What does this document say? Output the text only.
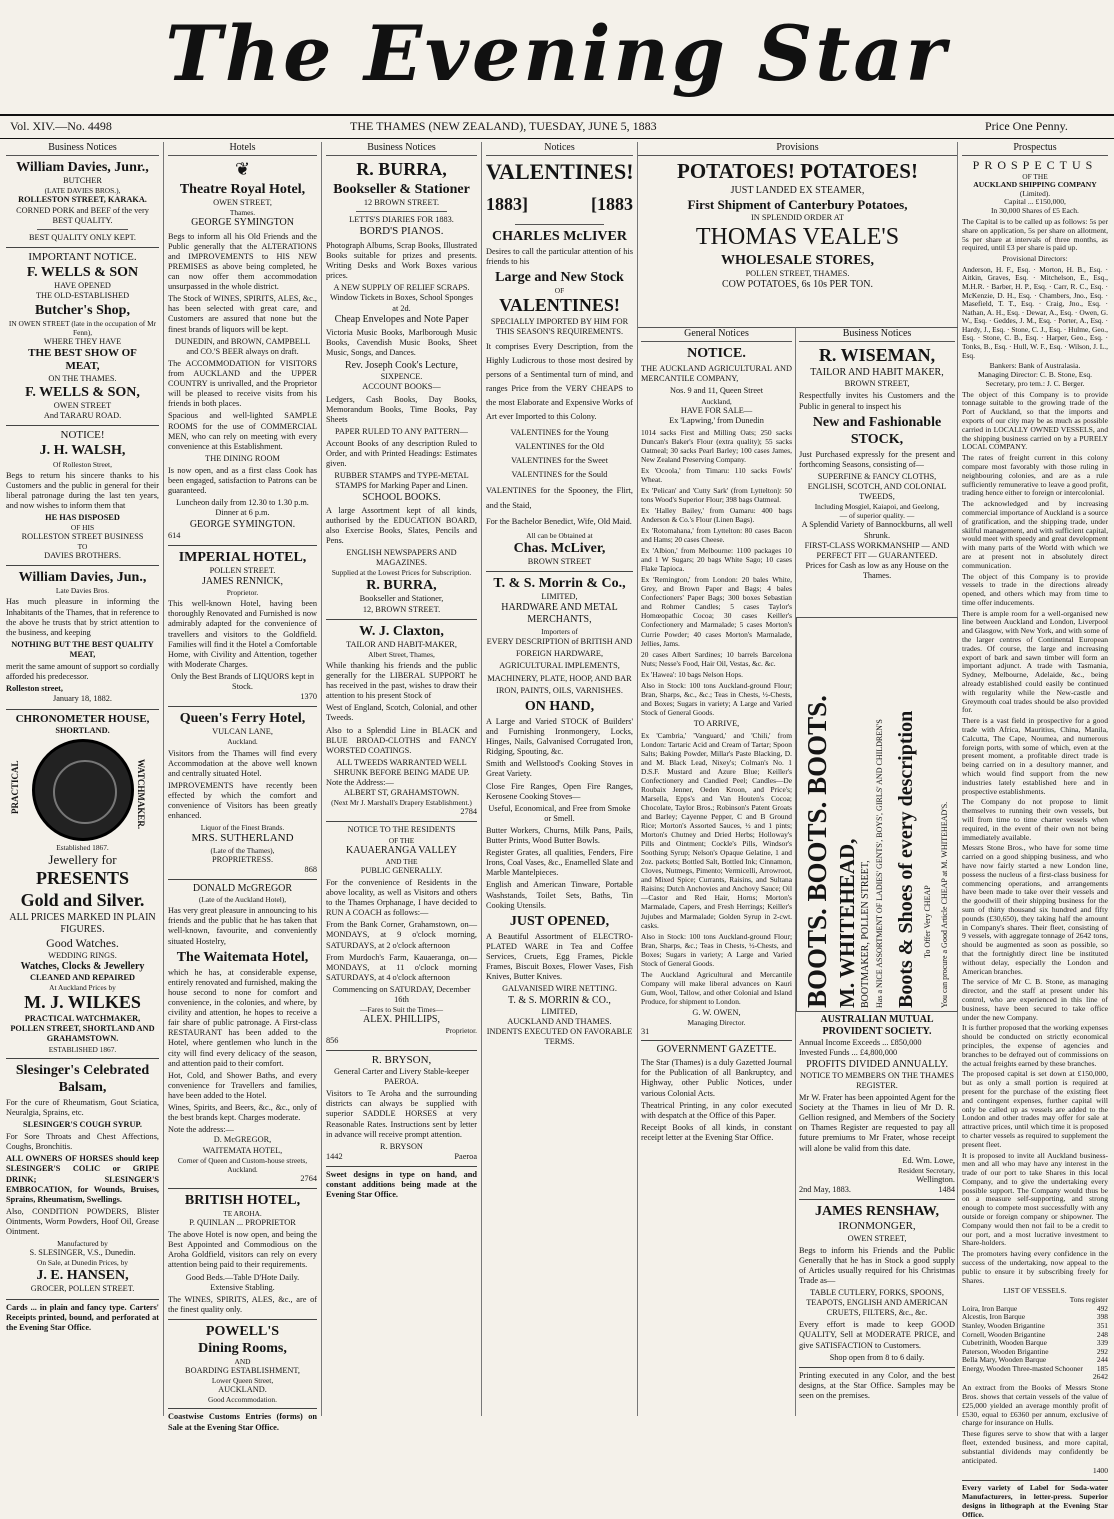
The Evening Star
Vol. XIV.—No. 4498	THE THAMES (NEW ZEALAND), TUESDAY, JUNE 5, 1883	Price One Penny.
Business Notices
William Davies, Junr.,
BUTCHER
(LATE DAVIES BROS.),
ROLLESTON STREET, KARAKA.
CORNED PORK and BEEF of the very BEST QUALITY.
BEST QUALITY ONLY KEPT.
IMPORTANT NOTICE.
F. WELLS & SON
HAVE OPENED
THE OLD-ESTABLISHED
Butcher's Shop,
IN OWEN STREET (late in the occupation of Mr Fenn),
WHERE THEY HAVE
THE BEST SHOW OF
MEAT,
ON THE THAMES.
F. WELLS & SON,
OWEN STREET
And TARARU ROAD.
NOTICE!
J. H. WALSH,
Of Rolleston Street,

Begs to return his sincere thanks to his Customers and the public in general for their liberal patronage during the last ten years, and now wishes to inform them that

HE HAS DISPOSED
OF HIS
ROLLESTON STREET BUSINESS
TO
DAVIES BROTHERS.
William Davies, Jun.,
Late Davies Bros.

Has much pleasure in informing the Inhabitants of the Thames, that in reference to the above he trusts that by strict attention to the business, and keeping

NOTHING BUT THE BEST QUALITY MEAT,

merit the same amount of support so cordially afforded his predecessor.

Rolleston street,
January 18, 1882.
CHRONOMETER HOUSE,
SHORTLAND.
PRACTICAL	WATCHMAKER.
Established 1867.
Jewellery for
PRESENTS
Gold and Silver.
ALL PRICES MARKED IN PLAIN FIGURES.
Good Watches.
WEDDING RINGS.
Watches, Clocks & Jewellery
CLEANED AND REPAIRED
At Auckland Prices by
M. J. WILKES
PRACTICAL WATCHMAKER,
POLLEN STREET, SHORTLAND AND GRAHAMSTOWN.
ESTABLISHED 1867.
Slesinger's Celebrated Balsam,

For the cure of Rheumatism, Gout Sciatica, Neuralgia, Sprains, etc.

SLESINGER'S COUGH SYRUP.

For Sore Throats and Chest Affections, Coughs, Bronchitis.

ALL OWNERS OF HORSES should keep SLESINGER'S COLIC or GRIPE DRINK; SLESINGER'S EMBROCATION, for Wounds, Bruises, Sprains, Rheumatism, Swellings.

Also, CONDITION POWDERS, Blister Ointments, Worm Powders, Hoof Oil, Grease Ointment.

Manufactured by
S. SLESINGER, V.S., Dunedin.
On Sale, at Dunedin Prices, by
J. E. HANSEN,
GROCER, POLLEN STREET.

Cards ... in plain and fancy type. Carters' Receipts printed, bound, and perforated at the Evening Star Office.

Hotels
❦
Theatre Royal Hotel,
OWEN STREET,
Thames.
GEORGE SYMINGTON

Begs to inform all his Old Friends and the Public generally that the ALTERATIONS and IMPROVEMENTS to HIS NEW PREMISES as above being completed, he can now offer them accommodation unsurpassed in the whole district.

The Stock of WINES, SPIRITS, ALES, &c., has been selected with great care, and Customers are assured that none but the finest brands of liquors will be kept.

DUNEDIN, and BROWN, CAMPBELL and CO.'S BEER always on draft.

The ACCOMMODATION for VISITORS from AUCKLAND and the UPPER COUNTRY is unrivalled, and the Proprietor will be pleased to receive visits from his friends in both places.

Spacious and well-lighted SAMPLE ROOMS for the use of COMMERCIAL MEN, who can rely on meeting with every convenience at this Establishment.

THE DINING ROOM

Is now open, and as a first class Cook has been engaged, satisfaction to Patrons can be guaranteed.

Luncheon daily from 12.30 to 1.30 p.m. Dinner at 6 p.m.
GEORGE SYMINGTON.
614
IMPERIAL HOTEL,
POLLEN STREET.
JAMES RENNICK,
Proprietor.

This well-known Hotel, having been thoroughly Renovated and Furnished is now admirably adapted for the convenience of travellers and visitors to the Goldfield. Families will find it the Hotel a Comfortable Home, with Civility and Attention, together with Moderate Charges.

Only the Best Brands of LIQUORS kept in Stock.
1370
Queen's Ferry Hotel,
VULCAN LANE,
Auckland.

Visitors from the Thames will find every Accommodation at the above well known and centrally situated Hotel.

IMPROVEMENTS have recently been effected by which the comfort and convenience of Visitors has been greatly enhanced.

Liquor of the Finest Brands.
MRS. SUTHERLAND
(Late of the Thames),
PROPRIETRESS.
868
DONALD McGREGOR
(Late of the Auckland Hotel),

Has very great pleasure in announcing to his friends and the public that he has taken that well-known, favourite, and conveniently situated Hostelry,

The Waitemata Hotel,

which he has, at considerable expense, entirely renovated and furnished, making the house second to none for comfort and convenience, in the colonies, and where, by civility and attention, he hopes to receive a fair share of public patronage. A First-class RESTAURANT has been added to the Hotel, where gentlemen who lunch in the city will find every delicacy of the season, and attention paid to their comfort.

Hot, Cold, and Shower Baths, and every convenience for Travellers and families, have been added to the Hotel.

Wines, Spirits, and Beers, &c., &c., only of the best brands kept. Charges moderate.

Note the address:—
D. McGREGOR,
WAITEMATA HOTEL,
Corner of Queen and Custom-house streets, Auckland.
2764
BRITISH HOTEL,
TE AROHA.
P. QUINLAN ... PROPRIETOR

The above Hotel is now open, and being the Best Appointed and Commodious on the Aroha Goldfield, visitors can rely on every attention being paid to their requirements.

Good Beds.—Table D'Hote Daily.
Extensive Stabling.

The WINES, SPIRITS, ALES, &c., are of the finest quality only.

POWELL'S
Dining Rooms,
AND
BOARDING ESTABLISHMENT,
Lower Queen Street,
AUCKLAND.
Good Accommodation.

Coastwise Customs Entries (forms) on Sale at the Evening Star Office.

Business Notices
R. BURRA,
Bookseller & Stationer
12 BROWN STREET.
LETTS'S DIARIES FOR 1883.
BORD'S PIANOS.

Photograph Albums, Scrap Books, Illustrated Books suitable for prizes and presents. Writing Desks and Work Boxes various prices.

A NEW SUPPLY OF RELIEF SCRAPS.
Window Tickets in Boxes, School Sponges at 2d.
Cheap Envelopes and Note Paper

Victoria Music Books, Marlborough Music Books, Cavendish Music Books, Sheet Music, Songs, and Dances.

Rev. Joseph Cook's Lecture,
SIXPENCE.
ACCOUNT BOOKS—

Ledgers, Cash Books, Day Books, Memorandum Books, Time Books, Pay Sheets

PAPER RULED TO ANY PATTERN—

Account Books of any description Ruled to Order, and with Printed Headings: Estimates given.

RUBBER STAMPS and TYPE-METAL STAMPS for Marking Paper and Linen.
SCHOOL BOOKS.

A large Assortment kept of all kinds, authorised by the EDUCATION BOARD, also Exercise Books, Slates, Pencils and Pens.

ENGLISH NEWSPAPERS AND MAGAZINES.
Supplied at the Lowest Prices for Subscription.
R. BURRA,
Bookseller and Stationer,
12, BROWN STREET.
W. J. Claxton,
TAILOR AND HABIT-MAKER,
Albert Street, Thames,

While thanking his friends and the public generally for the LIBERAL SUPPORT he has received in the past, wishes to draw their attention to his present Stock of

West of England, Scotch, Colonial, and other Tweeds.

Also to a Splendid Line in BLACK and BLUE BROAD-CLOTHS and FANCY WORSTED COATINGS.

ALL TWEEDS WARRANTED WELL SHRUNK BEFORE BEING MADE UP.
Note the Address:—
ALBERT ST, GRAHAMSTOWN.
(Next Mr J. Marshall's Drapery Establishment.)
2784
NOTICE TO THE RESIDENTS
OF THE
KAUAERANGA VALLEY
AND THE
PUBLIC GENERALLY.

For the convenience of Residents in the above locality, as well as Visitors and others to the Thames Orphanage, I have decided to RUN A COACH as follows:—

From the Bank Corner, Grahamstown, on—MONDAYS, at 9 o'clock morning, SATURDAYS, at 2 o'clock afternoon

From Murdoch's Farm, Kauaeranga, on—MONDAYS, at 11 o'clock morning SATURDAYS, at 4 o'clock afternoon

Commencing on SATURDAY, December 16th
—Fares to Suit the Times—
ALEX. PHILLIPS,
Proprietor.
856
R. BRYSON,
General Carter and Livery Stable-keeper
PAEROA.

Visitors to Te Aroha and the surrounding districts can always be supplied with superior SADDLE HORSES at very Reasonable Rates. Instructions sent by letter in advance will receive prompt attention.

R. BRYSON
1442	Paeroa

Sweet designs in type on hand, and constant additions being made at the Evening Star Office.

Notices
VALENTINES!
1883]	[1883
CHARLES McLIVER

Desires to call the particular attention of his friends to his

Large and New Stock
OF
VALENTINES!
SPECIALLY IMPORTED BY HIM FOR THIS SEASON'S REQUIREMENTS.

It comprises Every Description, from the Highly Ludicrous to those most desired by persons of a Sentimental turn of mind, and ranges Price from the VERY CHEAPS to the most Elaborate and Expensive Works of Art ever Imported to this Colony.

VALENTINES for the Young
VALENTINES for the Old
VALENTINES for the Sweet
VALENTINES for the Sould

VALENTINES for the Spooney, the Flirt, and the Staid,

For the Bachelor Benedict, Wife, Old Maid.

All can be Obtained at
Chas. McLiver,
BROWN STREET
T. & S. Morrin & Co.,
LIMITED,
HARDWARE AND METAL MERCHANTS,
Importers of
EVERY DESCRIPTION of BRITISH AND FOREIGN HARDWARE, AGRICULTURAL IMPLEMENTS, MACHINERY, PLATE, HOOP, AND BAR IRON, PAINTS, OILS, VARNISHES.
ON HAND,

A Large and Varied STOCK of Builders' and Furnishing Ironmongery, Locks, Hinges, Nails, Galvanised Corrugated Iron, Ridging, Spouting, &c.

Smith and Wellstood's Cooking Stoves in Great Variety.

Close Fire Ranges, Open Fire Ranges, Kerosene Cooking Stoves—

Useful, Economical, and Free from Smoke or Smell.

Butter Workers, Churns, Milk Pans, Pails, Butter Prints, Wood Butter Bowls.

Register Grates, all qualities, Fenders, Fire Irons, Coal Vases, &c., Enamelled Slate and Marble Mantelpieces.

English and American Tinware, Portable Washstands, Toilet Sets, Baths, Tin Cooking Utensils.

JUST OPENED,

A Beautiful Assortment of ELECTRO-PLATED WARE in Tea and Coffee Services, Cruets, Egg Frames, Pickle Frames, Biscuit Boxes, Flower Vases, Fish Knives, Butter Knives.

GALVANISED WIRE NETTING.
T. & S. MORRIN & CO.,
LIMITED,
AUCKLAND AND THAMES.
INDENTS EXECUTED ON FAVORABLE TERMS.
Provisions
POTATOES! POTATOES!
JUST LANDED EX STEAMER,
First Shipment of Canterbury Potatoes,
IN SPLENDID ORDER AT
THOMAS VEALE'S
WHOLESALE STORES,
POLLEN STREET, THAMES.
COW POTATOES, 6s 10s PER TON.
General Notices
NOTICE.

THE AUCKLAND AGRICULTURAL AND MERCANTILE COMPANY,

Nos. 9 and 11, Queen Street
Auckland,
HAVE FOR SALE—
Ex 'Lapwing,' from Dunedin

1014 sacks First and Milling Oats; 250 sacks Duncan's Baker's Flour (extra quality); 55 sacks Oatmeal; 30 sacks Pearl Barley; 100 cases James, New Zealand Preserving Company.

Ex 'Ocoola,' from Timaru: 110 sacks Fowls' Wheat.

Ex 'Pelican' and 'Cutty Sark' (from Lyttelton): 50 tons Wood's Superior Flour; 398 bags Oatmeal.

Ex 'Halley Bailey,' from Oamaru: 400 bags Anderson & Co.'s Flour (Linen Bags).

Ex 'Rotomahana,' from Lyttelton: 80 cases Bacon and Hams; 20 cases Cheese.

Ex 'Albion,' from Melbourne: 1100 packages 10 and 1 W Sugars; 20 bags White Sago; 10 cases Flake Tapioca.

Ex 'Remington,' from London: 20 bales White, Grey, and Brown Paper and Bags; 4 bales Confectioners' Paper Bags; 300 boxes Sebastian and Rohmer Candles; 5 cases Taylor's Homœopathic Cocoa; 30 cases Keiller's Confectionery and Marmalade; 5 cases Morton's Currie Powder; 40 cases Morton's Marmalade, Jellies, Jams.

20 cases Albert Sardines; 10 barrels Barcelona Nuts; Nesse's Food, Hair Oil, Vestas, &c. &c.

Ex 'Hawea': 10 bags Nelson Hops.

Also in Stock: 100 tons Auckland-ground Flour; Bran, Sharps, &c., &c.; Teas in Chests, ½-Chests, and Boxes; Sugars in variety; A Large and Varied Stock of General Goods.

TO ARRIVE,

Ex 'Cambria,' 'Vanguard,' and 'Chili,' from London: Tartaric Acid and Cream of Tartar; Spoon Salts; Baking Powder, Millar's Paste Blacking, D. and M. Black Lead, Nixey's; Colman's No. 1 D.S.F. Mustard and Azure Blue; Keiller's Confectionery and Candied Peel; Candles—De Roubaix Jenner, Oeden Kroon, and Price's; Marsella, Epps's and Van Houten's Cocoa; Chocolate, Taylor Bros.; Robinson's Patent Groats and Barley; Cayenne Pepper, C and B Ground Rice; Morton's Assorted Sauces, ½ and 1 pints; Morton's Chutney and Dried Herbs; Holloway's Pills and Ointment; Cockle's Pills, Windsor's Soothing Syrup; Nelson's Opaque Gelatine, 1 and 2oz. packets; Bottled Salt, Bottled Ink; Cinnamon, Cloves, Nutmegs, Pimento; Vermicelli, Arrowroot, and Mixed Spice; Currants, Raisins, and Sultana Raisins; Dutch Anchovies and Anchovy Sauce; Oil—Castor and Red Hair, Horns; Morton's Marmalade, Capers, and Fresh Herrings; Keiller's Jujubes and Marmalade; Golden Syrup in 2-cwt. casks.

Also in Stock: 100 tons Auckland-ground Flour; Bran, Sharps, &c.; Teas in Chests, ½-Chests, and Boxes; Sugars in variety; A Large and Varied Stock of General Goods.

The Auckland Agricultural and Mercantile Company will make liberal advances on Kauri Gum, Wool, Tallow, and other Colonial and Island Produce, for shipment to London.

G. W. OWEN,
Managing Director.
31
GOVERNMENT GAZETTE.

The Star (Thames) is a duly Gazetted Journal for the Publication of all Bankruptcy, and Highway, other Public Notices, under various Colonial Acts.

Theatrical Printing, in any color executed with despatch at the Office of this Paper.

Receipt Books of all kinds, in constant receipt letter at the Evening Star Office.

Business Notices
R. WISEMAN,
TAILOR AND HABIT MAKER,
BROWN STREET,

Respectfully invites his Customers and the Public in general to inspect his

New and Fashionable STOCK,

Just Purchased expressly for the present and forthcoming Seasons, consisting of—

SUPERFINE & FANCY CLOTHS,
ENGLISH, SCOTCH, AND COLONIAL TWEEDS,
Including Mosgiel, Kaiapoi, and Geelong,
— of superior quality. —
A Splendid Variety of Bannockburns, all well Shrunk.
FIRST-CLASS WORKMANSHIP — AND PERFECT FIT — GUARANTEED.
Prices for Cash as low as any House on the Thames.
BOOTS. BOOTS. BOOTS. M. WHITEHEAD, BOOTMAKER, POLLEN STREET, Has a NICE ASSORTMENT OF LADIES' GENTS', BOYS', GIRLS' AND CHILDREN'S Boots & Shoes of every description To Offer Very CHEAP You can procure a Good Article CHEAP at M. WHITEHEAD'S.
AUSTRALIAN MUTUAL PROVIDENT SOCIETY.
Annual Income Exceeds ... £850,000
Invested Funds ... £4,800,000
PROFITS DIVIDED ANNUALLY.
NOTICE TO MEMBERS ON THE THAMES REGISTER.

Mr W. Frater has been appointed Agent for the Society at the Thames in lieu of Mr D. R. Gellion resigned, and Members of the Society on Thames Register are requested to pay all future premiums to Mr Frater, whose receipt will alone be valid from this date.

Ed. Wm. Lowe,
Resident Secretary,
Wellington.
2nd May, 1883.	1484
JAMES RENSHAW,
IRONMONGER,
OWEN STREET,

Begs to inform his Friends and the Public Generally that he has in Stock a good supply of Articles usually required for his Christmas Trade as—

TABLE CUTLERY, FORKS, SPOONS, TEAPOTS, ENGLISH AND AMERICAN CRUETS, FILTERS, &c., &c.

Every effort is made to keep GOOD QUALITY, Sell at MODERATE PRICE, and give SATISFACTION to Customers.

Shop open from 8 to 6 daily.

Printing executed in any Color, and the best designs, at the Star Office. Samples may be seen on the premises.

Prospectus
PROSPECTUS
OF THE
AUCKLAND SHIPPING COMPANY
(Limited).
Capital ... £150,000,
In 30,000 Shares of £5 Each.

The Capital is to be called up as follows: 5s per share on application, 5s per share on allotment, 5s per share at intervals of three months, as required, until £3 per share is paid up.

Provisional Directors:

Anderson, H. F., Esq. · Morton, H. B., Esq. · Aitkin, Graves, Esq. · Mitchelson, E., Esq., M.H.R. · Barber, H. P., Esq. · Carr, R. C., Esq. · McKenzie, D. H., Esq. · Chambers, Jno., Esq. · Masefield, T. T., Esq. · Craig, Jno., Esq. · Nathan, A. H., Esq. · Dewar, A., Esq. · Owen, G. W., Esq. · Geddes, J. M., Esq. · Porter, A., Esq. · Hardy, J., Esq. · Stone, C. J., Esq. · Hulme, Geo., Esq. · Stone, C. B., Esq. · Harper, Geo., Esq. · Tonks, B., Esq. · Hull, W. F., Esq. · Wilson, J. L., Esq.

Bankers: Bank of Australasia.
Managing Director: C. B. Stone, Esq.
Secretary, pro tem.: J. C. Berger.

The object of this Company is to provide tonnage suitable to the growing trade of the Port of Auckland, so that the imports and exports of our city may be as much as possible carried in LOCALLY OWNED VESSELS, and the shipping business carried on by a PURELY LOCAL COMPANY.

The rates of freight current in this colony compare most favorably with those ruling in neighbouring colonies, and are as a rule sufficiently remunerative to leave a good profit, trading hence either to foreign or intercolonial.

The acknowledged and by increasing commercial importance of Auckland is a source of gratification, and the shipping trade, under skilful management, and with sufficient capital, would meet with speedy and great development with many parts of the World with which we are at present not in absolutely direct communication.

The object of this Company is to provide vessels to trade in the directions already opened, and others which may from time to time offer inducements.

There is ample room for a well-organised new line between Auckland and London, Liverpool and Glasgow, with New York, and with some of the larger centres of Continental European trades. Of course, the large and increasing export of bark and sawn timber will form an important adjunct. A trade with Tasmania, Sydney, Melbourne, Adelaide, &c., being already established could easily be continued with regularity while the New-castle and Greymouth coal trades should be also provided for.

There is a vast field in prospective for a good trade with Africa, Mauritius, China, Manila, Calcutta, The Cape, Noumea, and numerous foreign ports, with some of which, even at the present moment, a profitable direct trade is being carried on in a desultory manner, and which would find support from the new industries lately established here and in prospective establishments.

The Company do not propose to limit themselves to running their own vessels, but will from time to time charter vessels when required, in the event of their own not being immediately available.

Messrs Stone Bros., who have for some time carried on a good shipping business, and who have now fairly started a new London line, possess the nucleus of a first-class business for commencing operations, and arrangements have been made to take over their vessels and the goodwill of their shipping business for the sum of thirty thousand six hundred and fifty pounds (£30,650), they taking half the amount in Company's shares. Their fleet, consisting of 9 vessels, with aggregate tonnage of 2642 tons, should be augmented as soon as possible, so that the fortnightly direct line be instituted without delay, especially the London and American branches.

The service of Mr C. B. Stone, as managing director, and the staff at present under his control, who are experienced in this line of business, have been secured to take office under the new Company.

It is further proposed that the working expenses should be conducted on strictly economical principles, the expense of agencies and branches to be defrayed out of commissions on the actual freights earned by these branches.

The proposed capital is set down at £150,000, but as only a small portion is required at present for the purchase of the existing fleet and contingent expenses, further capital will only be called up as vessels are added to the London and other trades may offer for sale at attractive prices, until which time it is proposed to charter vessels as required to supplement the present fleet.

It is proposed to invite all Auckland business-men and all who may have any interest in the trade of our port to take Shares in this local Company, and to give the undertaking every possible support. The Company would thus be on a measure self-supporting, and strong enough to compete most successfully with any outside or foreign company or shipowner. The Company would then not fail to be a credit to our port, and a most lucrative investment to Share-holders.

The promoters having every confidence in the success of the undertaking, now appeal to the public to ensure it by subscribing freely for Shares.

LIST OF VESSELS.
Tons register
Loira, Iron Barque	492
Alcestis, Iron Barque	398
Stanley, Wooden Brigantine	351
Cornell, Wooden Brigantine	248
Cubetrinith, Wooden Barque	339
Paterson, Wooden Brigantine	292
Bella Mary, Wooden Barque	244
Energy, Wooden Three-masted Schooner	185
2642

An extract from the Books of Messrs Stone Bros. shows that certain vessels of the value of £25,000 yielded an average monthly profit of £530, equal to £6360 per annum, exclusive of charge for insurance on Hulls.

These figures serve to show that with a larger fleet, extended business, and more capital, substantial dividends may confidently be anticipated.

1400

Every variety of Label for Soda-water Manufacturers, in letter-press. Superior designs in lithograph at the Evening Star Office.
